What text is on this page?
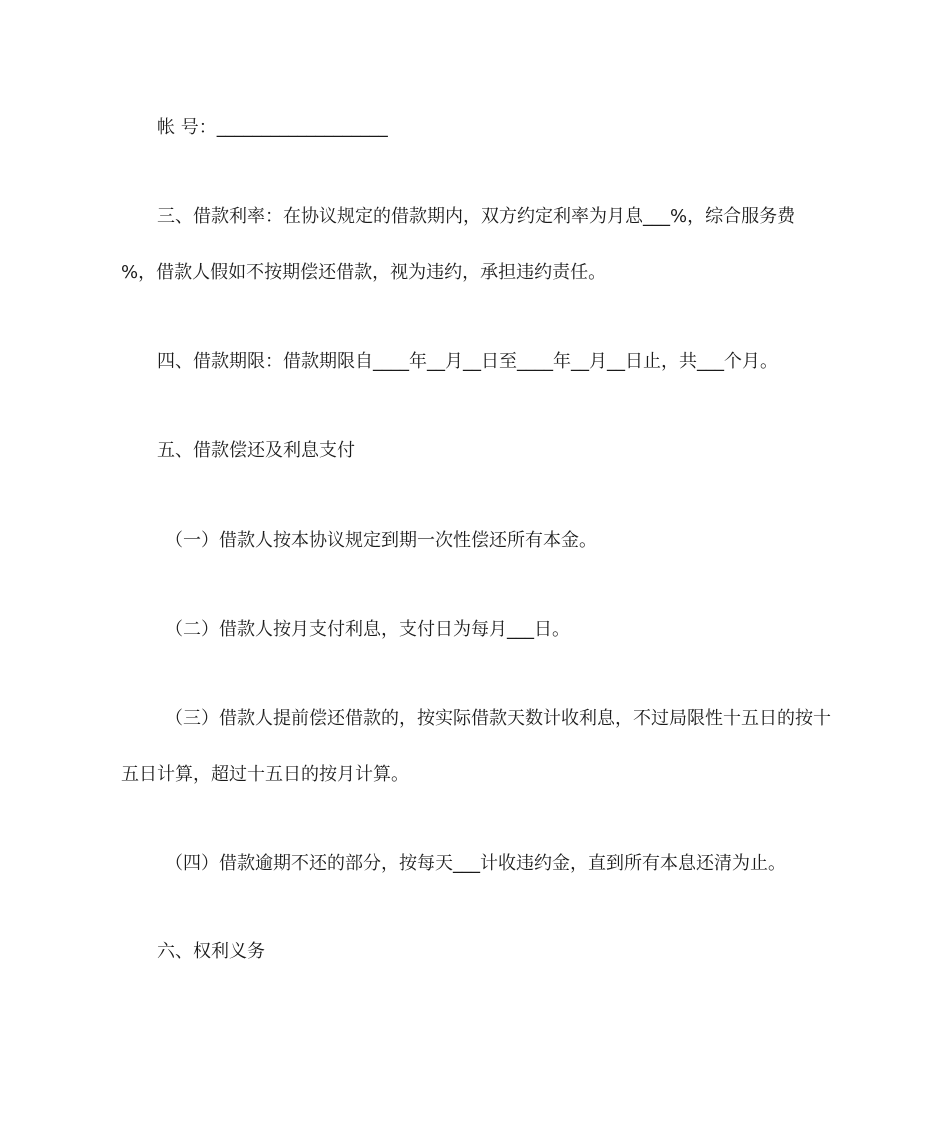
帐 号：___________________
三、借款利率：在协议规定的借款期内，双方约定利率为月息___%，综合服务费
%，借款人假如不按期偿还借款，视为违约，承担违约责任。
四、借款期限：借款期限自____年__月__日至____年__月__日止，共___个月。
五、借款偿还及利息支付
（一）借款人按本协议规定到期一次性偿还所有本金。
（二）借款人按月支付利息，支付日为每月___日。
（三）借款人提前偿还借款的，按实际借款天数计收利息，不过局限性十五日的按十
五日计算，超过十五日的按月计算。
（四）借款逾期不还的部分，按每天___计收违约金，直到所有本息还清为止。
六、权利义务
